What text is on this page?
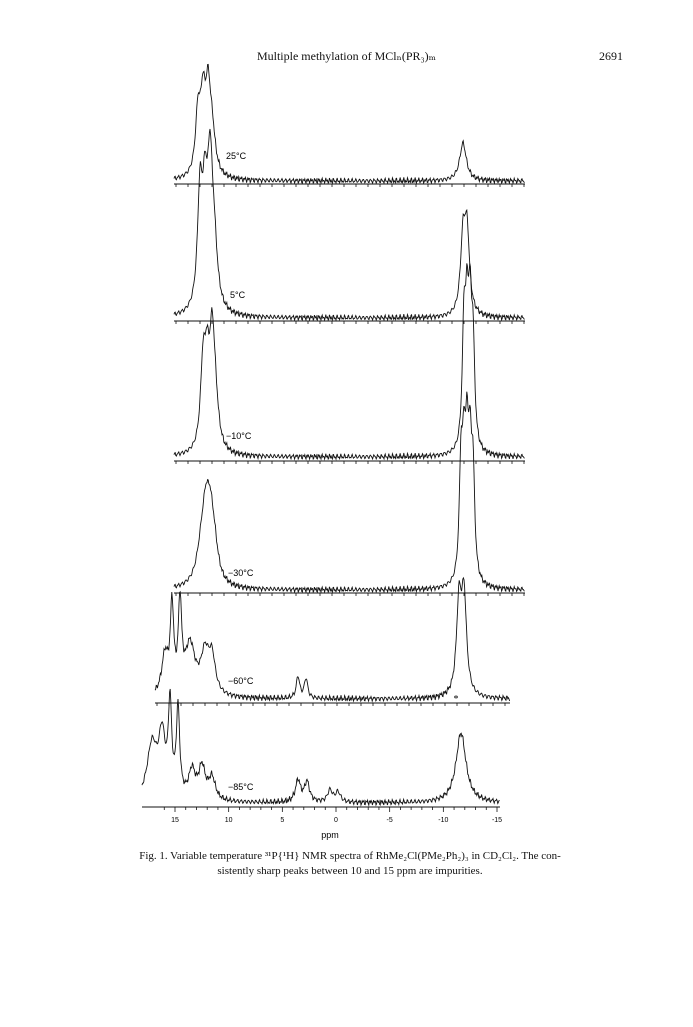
Multiple methylation of MClₙ(PR₃)ₘ	2691
25°C
5°C
−10°C
−30°C
−60°C
−85°C
15	10	5	0	-5	-10	-15
ppm
*
Fig. 1. Variable temperature ³¹P{¹H} NMR spectra of RhMe₂Cl(PMe₂Ph₂)₃ in CD₂Cl₂. The con-
sistently sharp peaks between 10 and 15 ppm are impurities.
